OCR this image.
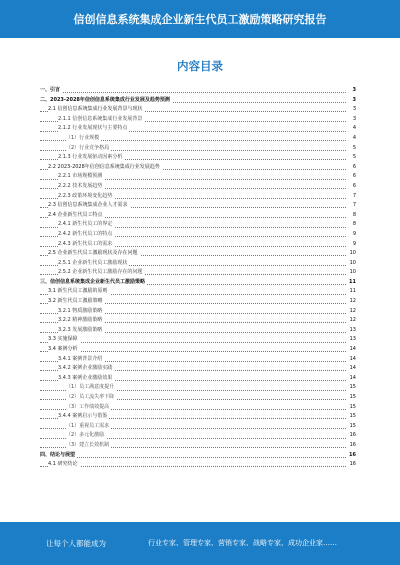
信创信息系统集成企业新生代员工激励策略研究报告
内容目录
一、引言	3
二、2023-2028年信创信息系统集成行业发展及趋势预测	3
2.1 信创信息系统集成行业发展背景与现状	3
2.1.1 信创信息系统集成行业发展背景	3
2.1.2 行业发展现状与主要特点	4
（1）行业规模	4
（2）行业竞争格局	5
2.1.3 行业发展驱动因素分析	5
2.2 2023-2028年信创信息系统集成行业发展趋势	6
2.2.1 市场规模预测	6
2.2.2 技术发展趋势	6
2.2.3 政策环境变化趋势	7
2.3 信创信息系统集成企业人才需求	7
2.4 企业新生代员工特点	8
2.4.1 新生代员工的界定	8
2.4.2 新生代员工的特点	9
2.4.3 新生代员工的需求	9
2.5 企业新生代员工激励现状及存在问题	10
2.5.1 企业新生代员工激励现状	10
2.5.2 企业新生代员工激励存在的问题	10
三、信创信息系统集成企业新生代员工激励策略	11
3.1 新生代员工激励的原则	11
3.2 新生代员工激励策略	12
3.2.1 物质激励策略	12
3.2.2 精神激励策略	12
3.2.3 发展激励策略	13
3.3 实施保障	13
3.4 案例分析	14
3.4.1 案例背景介绍	14
3.4.2 案例企业激励实践	14
3.4.3 案例企业激励效果	14
（1）员工满意度提升	15
（2）员工流失率下降	15
（3）工作绩效提高	15
3.4.4 案例启示与借鉴	15
（1）重视员工需求	15
（2）多元化激励	16
（3）建立长效机制	16
四、结论与展望	16
4.1 研究结论	16
让每个人都能成为	行业专家、管理专家、营销专家、战略专家、成功企业家……
